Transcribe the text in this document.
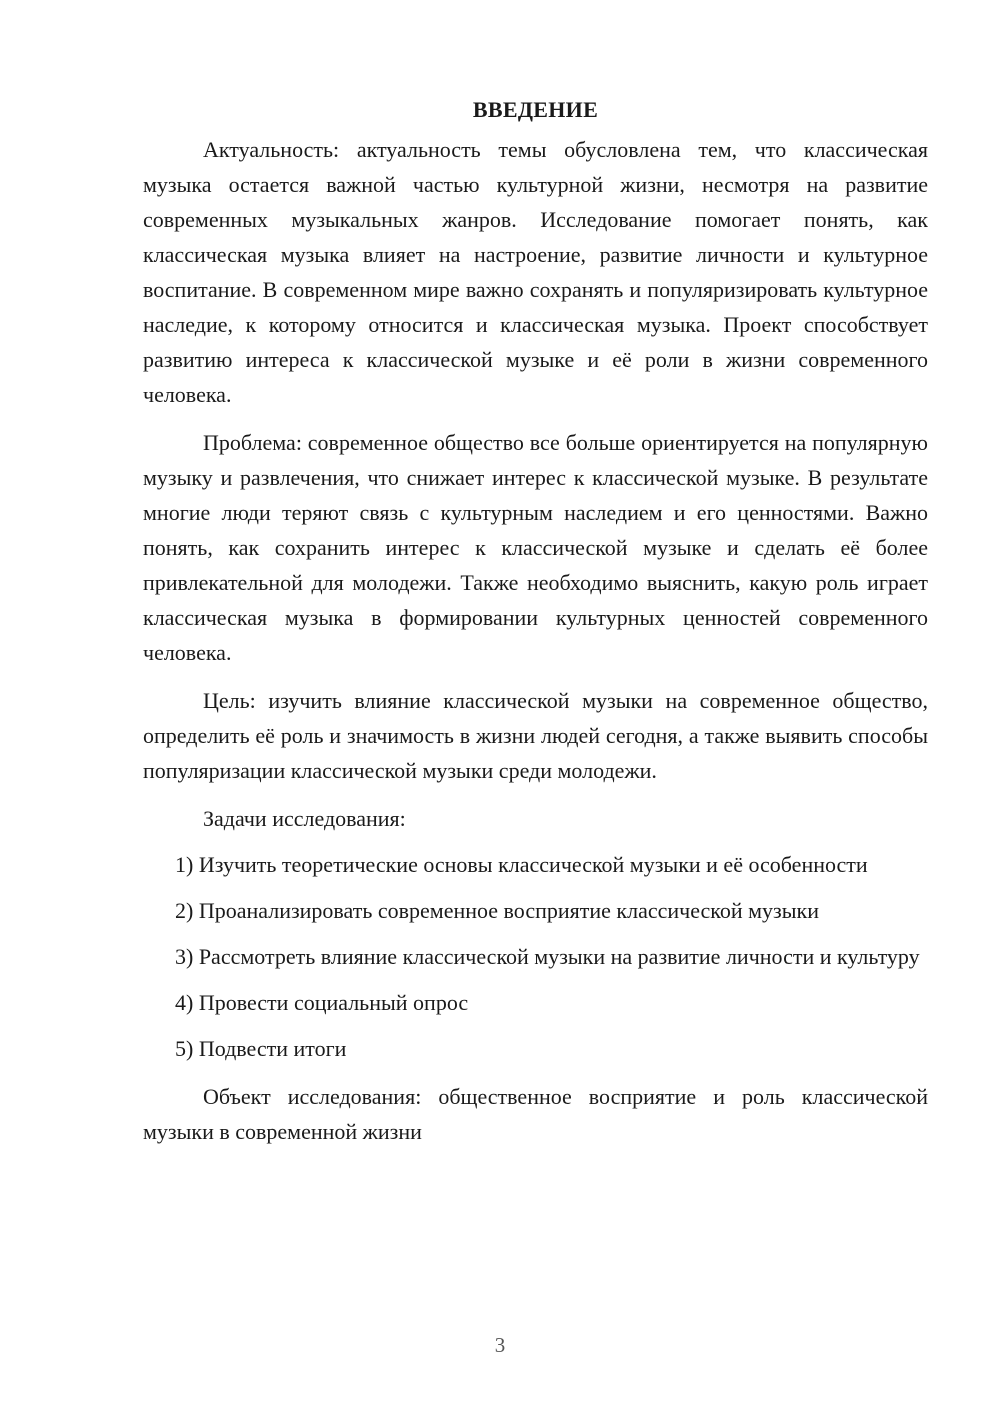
ВВЕДЕНИЕ

Актуальность: актуальность темы обусловлена тем, что классическая музыка остается важной частью культурной жизни, несмотря на развитие современных музыкальных жанров. Исследование помогает понять, как классическая музыка влияет на настроение, развитие личности и культурное воспитание. В современном мире важно сохранять и популяризировать культурное наследие, к которому относится и классическая музыка. Проект способствует развитию интереса к классической музыке и её роли в жизни современного человека.

Проблема: современное общество все больше ориентируется на популярную музыку и развлечения, что снижает интерес к классической музыке. В результате многие люди теряют связь с культурным наследием и его ценностями. Важно понять, как сохранить интерес к классической музыке и сделать её более привлекательной для молодежи. Также необходимо выяснить, какую роль играет классическая музыка в формировании культурных ценностей современного человека.

Цель: изучить влияние классической музыки на современное общество, определить её роль и значимость в жизни людей сегодня, а также выявить способы популяризации классической музыки среди молодежи.

Задачи исследования:

1) Изучить теоретические основы классической музыки и её особенности

2) Проанализировать современное восприятие классической музыки

3) Рассмотреть влияние классической музыки на развитие личности и культуру

4) Провести социальный опрос

5) Подвести итоги

Объект исследования: общественное восприятие и роль классической музыки в современной жизни

3
